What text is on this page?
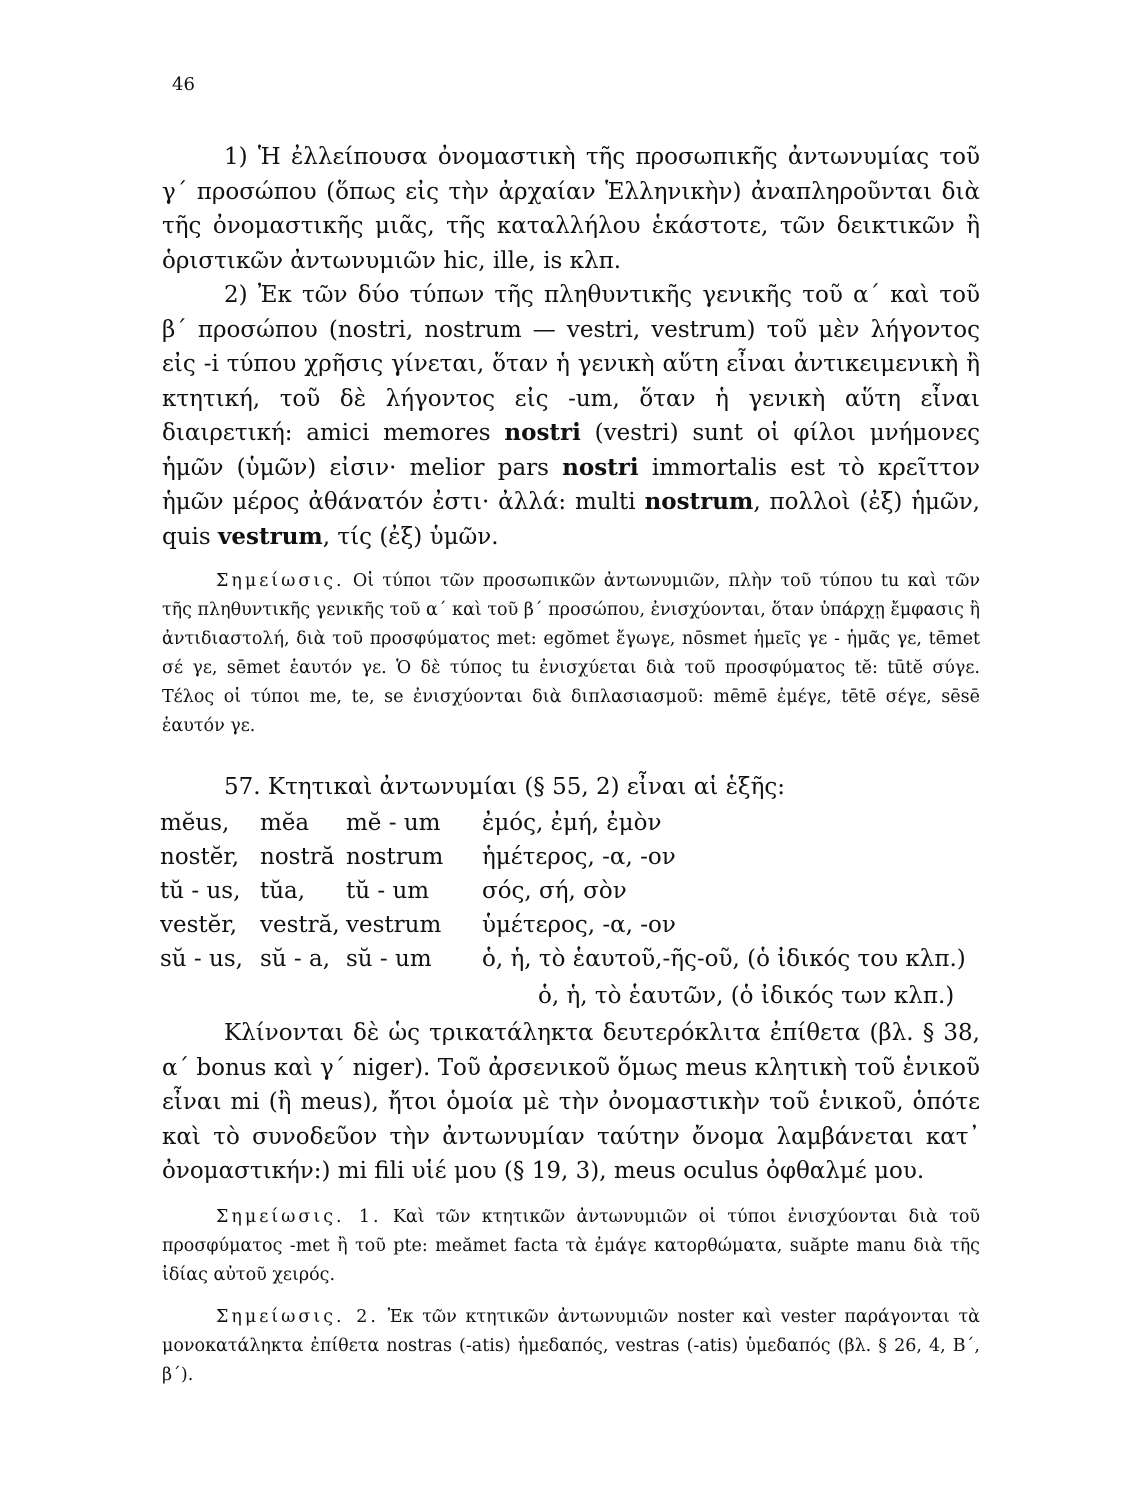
46

1) Ἡ ἐλλείπουσα ὀνομαστικὴ τῆς προσωπικῆς ἀντωνυμίας τοῦ γ΄ προσώπου (ὅπως εἰς τὴν ἀρχαίαν Ἑλληνικὴν) ἀναπληροῦνται διὰ τῆς ὀνομαστικῆς μιᾶς, τῆς καταλλήλου ἑκάστοτε, τῶν δεικτικῶν ἢ ὁριστικῶν ἀντωνυμιῶν hic, ille, is κλπ.

2) Ἐκ τῶν δύο τύπων τῆς πληθυντικῆς γενικῆς τοῦ α΄ καὶ τοῦ β΄ προσώπου (nostri, nostrum — vestri, vestrum) τοῦ μὲν λήγοντος εἰς -i τύπου χρῆσις γίνεται, ὅταν ἡ γενικὴ αὕτη εἶναι ἀντικειμενικὴ ἢ κτητική, τοῦ δὲ λήγοντος εἰς -um, ὅταν ἡ γενικὴ αὕτη εἶναι διαιρετική: amici memores nostri (vestri) sunt οἱ φίλοι μνήμονες ἡμῶν (ὑμῶν) εἰσιν· melior pars nostri immortalis est τὸ κρεῖττον ἡμῶν μέρος ἀθάνατόν ἐστι· ἀλλά: multi nostrum, πολλοὶ (ἐξ) ἡμῶν, quis vestrum, τίς (ἐξ) ὑμῶν.

Σημείωσις. Οἱ τύποι τῶν προσωπικῶν ἀντωνυμιῶν, πλὴν τοῦ τύπου tu καὶ τῶν τῆς πληθυντικῆς γενικῆς τοῦ α΄ καὶ τοῦ β΄ προσώπου, ἐνισχύονται, ὅταν ὑπάρχῃ ἔμφασις ἢ ἀντιδιαστολή, διὰ τοῦ προσφύματος met: egŏmet ἔγωγε, nōsmet ἡμεῖς γε - ἡμᾶς γε, tēmet σέ γε, sēmet ἑαυτόν γε. Ὁ δὲ τύπος tu ἐνισχύεται διὰ τοῦ προσφύματος tĕ: tūtĕ σύγε. Τέλος οἱ τύποι me, te, se ἐνισχύονται διὰ διπλασιασμοῦ: mēmē ἐμέγε, tētē σέγε, sēsē ἑαυτόν γε.

57. Κτητικαὶ ἀντωνυμίαι (§ 55, 2) εἶναι αἱ ἑξῆς:

mĕus, mĕa mĕ - um ἐμός, ἐμή, ἐμὸν
nostĕr, nostră nostrum ἡμέτερος, -α, -ον
tŭ - us, tŭa, tŭ - um σός, σή, σὸν
vestĕr, vestră, vestrum ὑμέτερος, -α, -ον
sŭ - us, sŭ - a, sŭ - um ὁ, ἡ, τὸ ἑαυτοῦ,-ῆς-οῦ, (ὁ ἰδικός του κλπ.)
ὁ, ἡ, τὸ ἑαυτῶν, (ὁ ἰδικός των κλπ.)

Κλίνονται δὲ ὡς τρικατάληκτα δευτερόκλιτα ἐπίθετα (βλ. § 38, α΄ bonus καὶ γ΄ niger). Τοῦ ἀρσενικοῦ ὅμως meus κλητικὴ τοῦ ἑνικοῦ εἶναι mi (ἢ meus), ἤτοι ὁμοία μὲ τὴν ὀνομαστικὴν τοῦ ἑνικοῦ, ὁπότε καὶ τὸ συνοδεῦον τὴν ἀντωνυμίαν ταύτην ὄνομα λαμβάνεται κατ᾽ ὀνομαστικήν:) mi fili υἱέ μου (§ 19, 3), meus oculus ὀφθαλμέ μου.

Σημείωσις. 1. Καὶ τῶν κτητικῶν ἀντωνυμιῶν οἱ τύποι ἐνισχύονται διὰ τοῦ προσφύματος -met ἢ τοῦ pte: meămet facta τὰ ἐμάγε κατορθώματα, suăpte manu διὰ τῆς ἰδίας αὐτοῦ χειρός.

Σημείωσις. 2. Ἐκ τῶν κτητικῶν ἀντωνυμιῶν noster καὶ vester παράγονται τὰ μονοκατάληκτα ἐπίθετα nostras (-atis) ἡμεδαπός, vestras (-atis) ὑμεδαπός (βλ. § 26, 4, Β΄, β΄).
